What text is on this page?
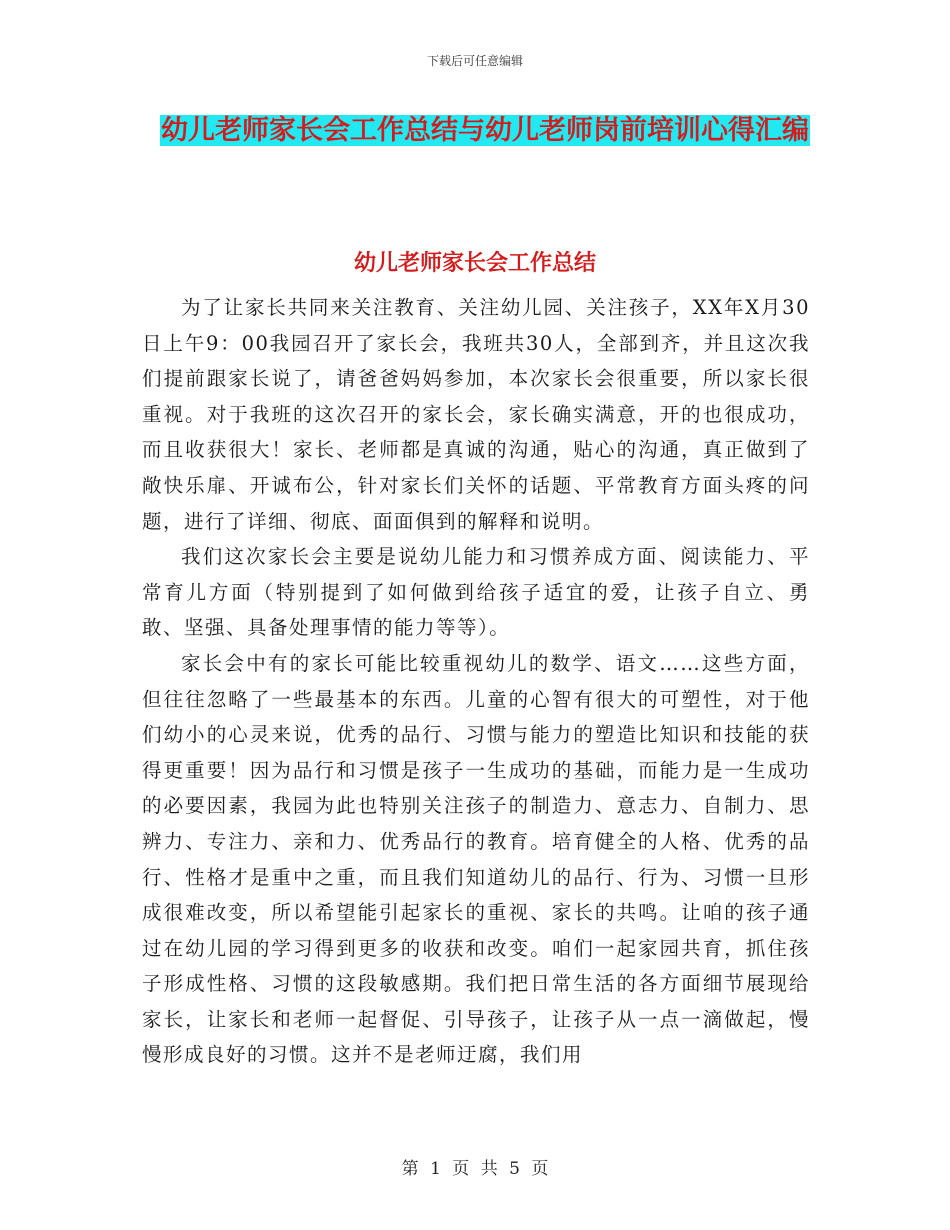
下载后可任意编辑
幼儿老师家长会工作总结与幼儿老师岗前培训心得汇编
幼儿老师家长会工作总结

为了让家长共同来关注教育、关注幼儿园、关注孩子，XX年X月30日上午9：00我园召开了家长会，我班共30人，全部到齐，并且这次我们提前跟家长说了，请爸爸妈妈参加，本次家长会很重要，所以家长很重视。对于我班的这次召开的家长会，家长确实满意，开的也很成功，而且收获很大！家长、老师都是真诚的沟通，贴心的沟通，真正做到了敞快乐扉、开诚布公，针对家长们关怀的话题、平常教育方面头疼的问题，进行了详细、彻底、面面俱到的解释和说明。

我们这次家长会主要是说幼儿能力和习惯养成方面、阅读能力、平常育儿方面（特别提到了如何做到给孩子适宜的爱，让孩子自立、勇敢、坚强、具备处理事情的能力等等）。

家长会中有的家长可能比较重视幼儿的数学、语文……这些方面，但往往忽略了一些最基本的东西。儿童的心智有很大的可塑性，对于他们幼小的心灵来说，优秀的品行、习惯与能力的塑造比知识和技能的获得更重要！因为品行和习惯是孩子一生成功的基础，而能力是一生成功的必要因素，我园为此也特别关注孩子的制造力、意志力、自制力、思辨力、专注力、亲和力、优秀品行的教育。培育健全的人格、优秀的品行、性格才是重中之重，而且我们知道幼儿的品行、行为、习惯一旦形成很难改变，所以希望能引起家长的重视、家长的共鸣。让咱的孩子通过在幼儿园的学习得到更多的收获和改变。咱们一起家园共育，抓住孩子形成性格、习惯的这段敏感期。我们把日常生活的各方面细节展现给家长，让家长和老师一起督促、引导孩子，让孩子从一点一滴做起，慢慢形成良好的习惯。这并不是老师迂腐，我们用

第 1 页 共 5 页
